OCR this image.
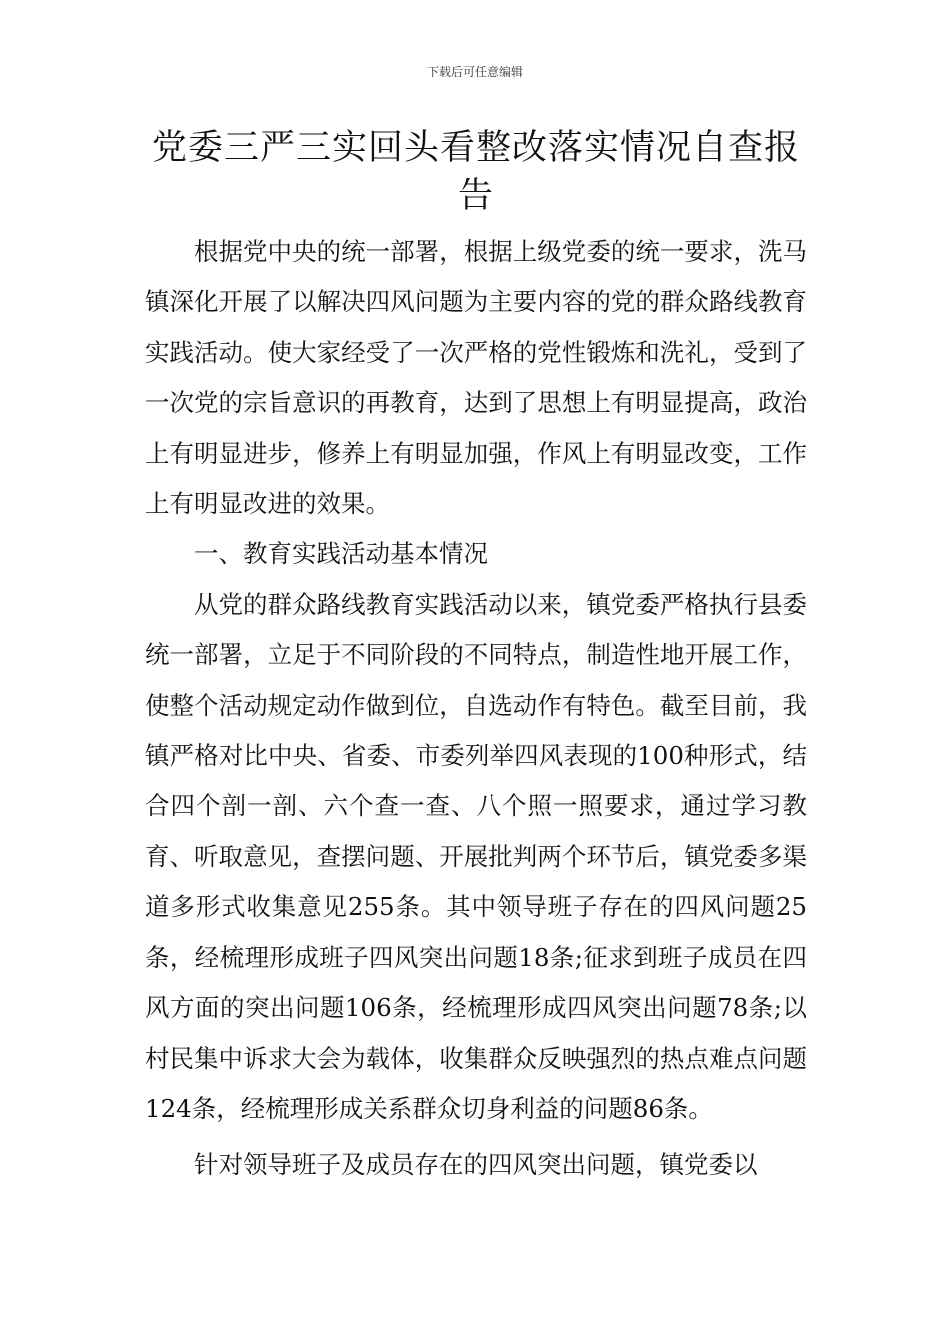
下载后可任意编辑
党委三严三实回头看整改落实情况自查报告

根据党中央的统一部署，根据上级党委的统一要求，洗马镇深化开展了以解决四风问题为主要内容的党的群众路线教育实践活动。使大家经受了一次严格的党性锻炼和洗礼，受到了一次党的宗旨意识的再教育，达到了思想上有明显提高，政治上有明显进步，修养上有明显加强，作风上有明显改变，工作上有明显改进的效果。

一、教育实践活动基本情况

从党的群众路线教育实践活动以来，镇党委严格执行县委统一部署，立足于不同阶段的不同特点，制造性地开展工作，使整个活动规定动作做到位，自选动作有特色。截至目前，我镇严格对比中央、省委、市委列举四风表现的100种形式，结合四个剖一剖、六个查一查、八个照一照要求，通过学习教育、听取意见，查摆问题、开展批判两个环节后，镇党委多渠道多形式收集意见255条。其中领导班子存在的四风问题25条，经梳理形成班子四风突出问题18条;征求到班子成员在四风方面的突出问题106条，经梳理形成四风突出问题78条;以村民集中诉求大会为载体，收集群众反映强烈的热点难点问题124条，经梳理形成关系群众切身利益的问题86条。

针对领导班子及成员存在的四风突出问题，镇党委以
